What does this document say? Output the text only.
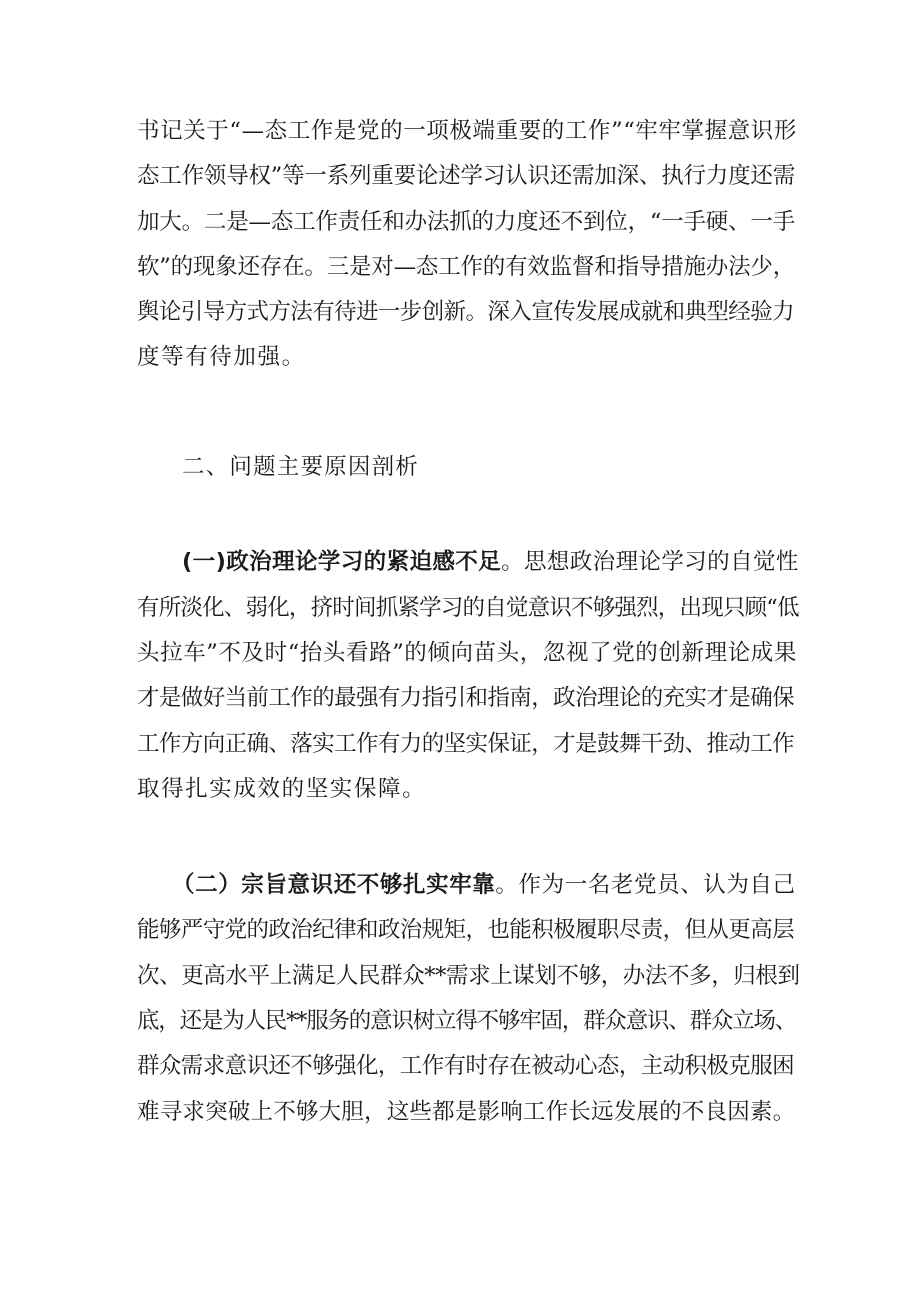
书记关于“—态工作是党的一项极端重要的工作”“牢牢掌握意识形
态工作领导权”等一系列重要论述学习认识还需加深、执行力度还需
加大。二是—态工作责任和办法抓的力度还不到位，“一手硬、一手
软”的现象还存在。三是对—态工作的有效监督和指导措施办法少，
舆论引导方式方法有待进一步创新。深入宣传发展成就和典型经验力
度等有待加强。
二、问题主要原因剖析
(一)政治理论学习的紧迫感不足。思想政治理论学习的自觉性
有所淡化、弱化，挤时间抓紧学习的自觉意识不够强烈，出现只顾“低
头拉车”不及时“抬头看路”的倾向苗头，忽视了党的创新理论成果
才是做好当前工作的最强有力指引和指南，政治理论的充实才是确保
工作方向正确、落实工作有力的坚实保证，才是鼓舞干劲、推动工作
取得扎实成效的坚实保障。
（二）宗旨意识还不够扎实牢靠。作为一名老党员、认为自己
能够严守党的政治纪律和政治规矩，也能积极履职尽责，但从更高层
次、更高水平上满足人民群众**需求上谋划不够，办法不多，归根到
底，还是为人民**服务的意识树立得不够牢固，群众意识、群众立场、
群众需求意识还不够强化，工作有时存在被动心态，主动积极克服困
难寻求突破上不够大胆，这些都是影响工作长远发展的不良因素。
